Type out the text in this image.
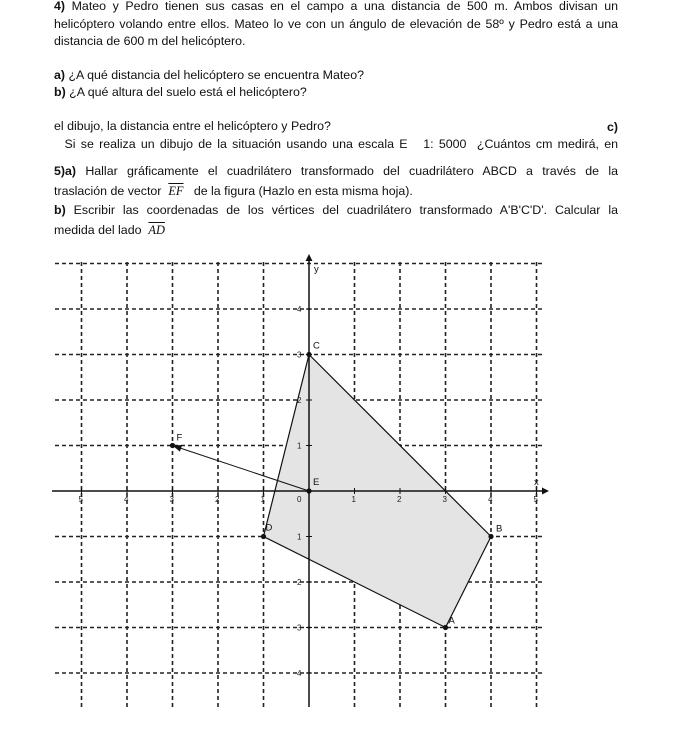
4) Mateo y Pedro tienen sus casas en el campo a una distancia de 500 m. Ambos divisan un

helicóptero volando entre ellos. Mateo lo ve con un ángulo de elevación de 58º y Pedro está a una

distancia de 600 m del helicóptero.

a) ¿A qué distancia del helicóptero se encuentra Mateo?

b) ¿A qué altura del suelo está el helicóptero?

c)
Si se realiza un dibujo de la situación usando una escala E   1: 5000  ¿Cuántos cm medirá, en

el dibujo, la distancia entre el helicóptero y Pedro?

5)a) Hallar gráficamente el cuadrilátero transformado del cuadrilátero ABCD a través de la

traslación de vector $\overline{EF}$ de la figura (Hazlo en esta misma hoja).

b) Escribir las coordenadas de los vértices del cuadrilátero transformado A'B'C'D'. Calcular la

medida del lado $\overline{AD}$

x
y
0
5	4	3	2	1	1	2	3	4	5
4
3
2
1
1
2
3
4
A
B
C
D
E
F
